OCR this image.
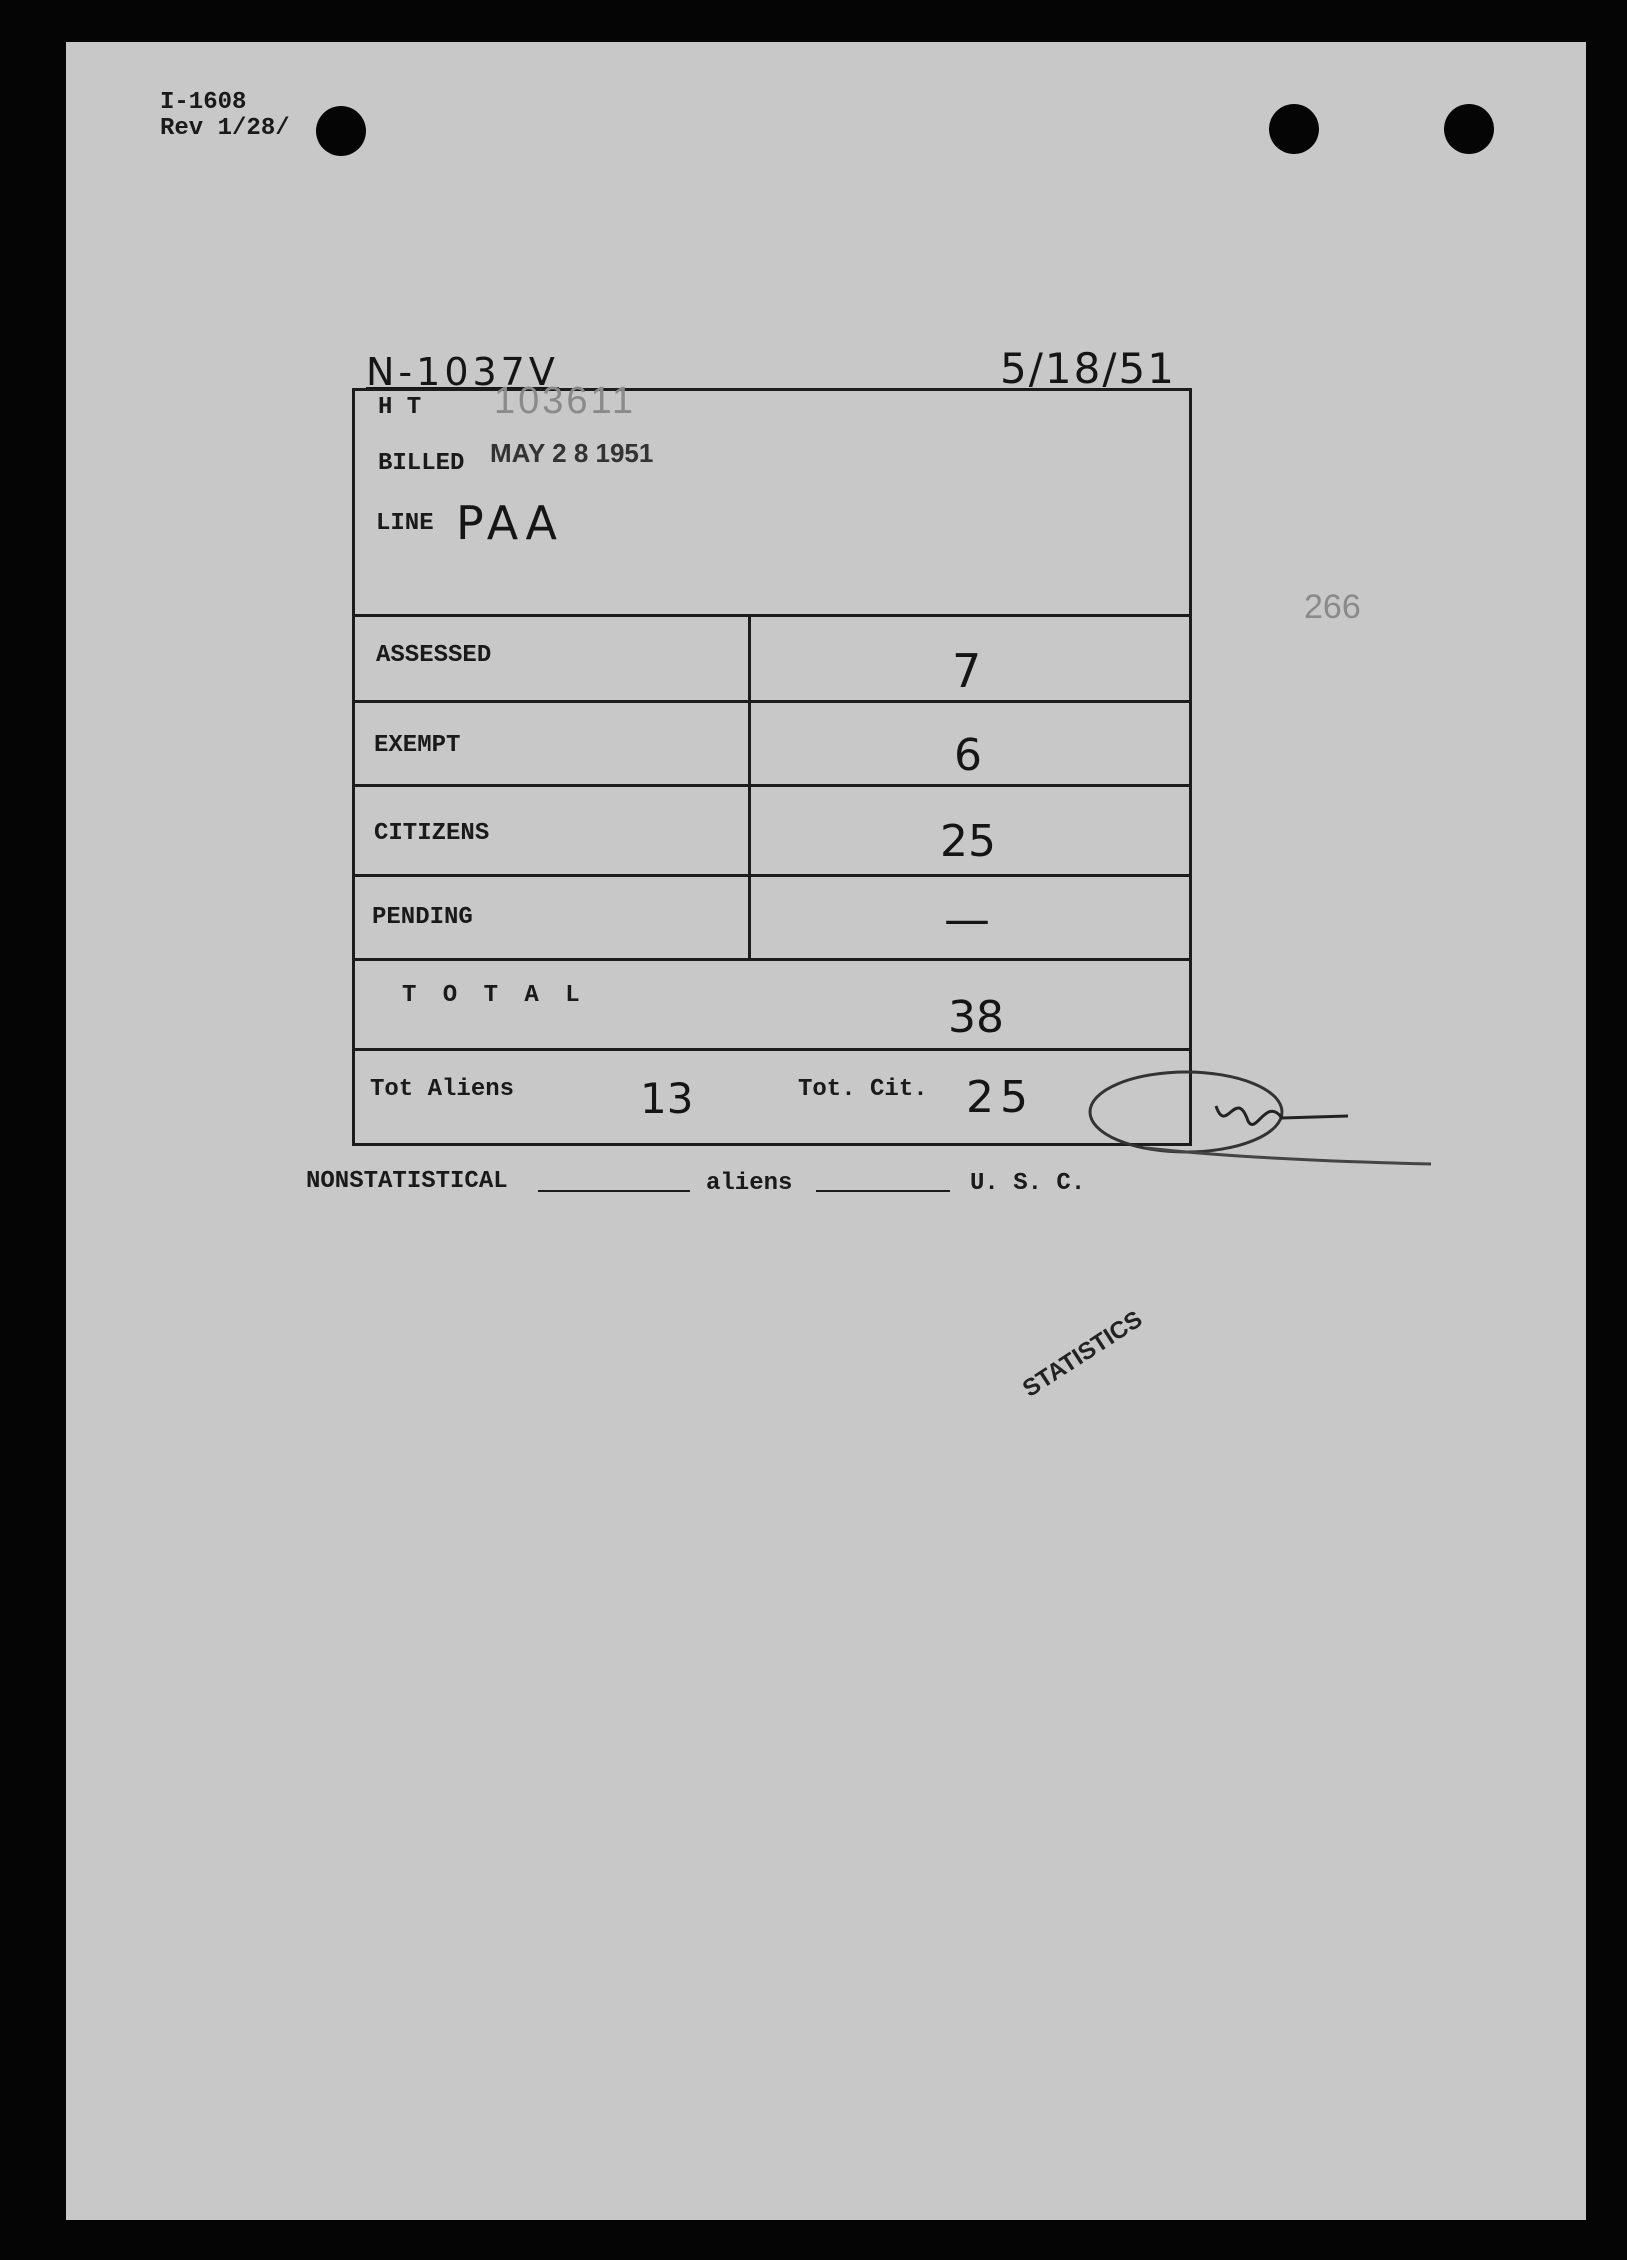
I-1608
Rev 1/28/
N-1037V	5/18/51
H T 103611
BILLED MAY 2 8 1951
LINE PAA
ASSESSED	7
EXEMPT	6
CITIZENS	25
PENDING	—
T O T A L	38
Tot Aliens	13	Tot. Cit. 25
266
NONSTATISTICAL	aliens	U. S. C.
STATISTICS
